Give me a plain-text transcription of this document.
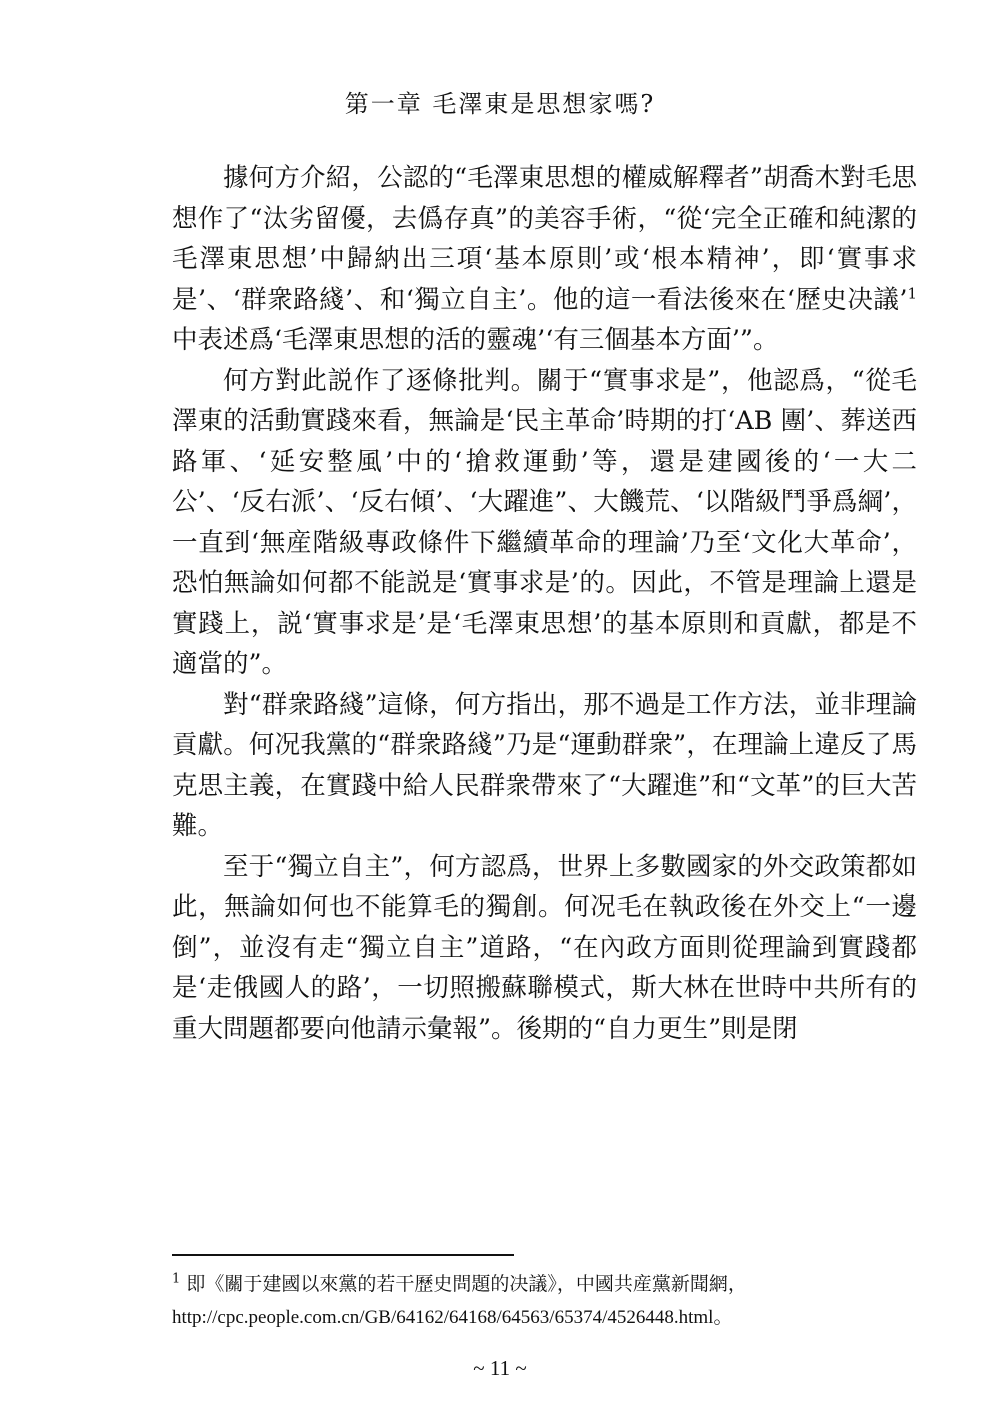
第一章 毛澤東是思想家嗎?

據何方介紹，公認的“毛澤東思想的權威解釋者”胡喬木對毛思想作了“汰劣留優，去僞存真”的美容手術，“從‘完全正確和純潔的毛澤東思想’中歸納出三項‘基本原則’或‘根本精神’，即‘實事求是’、‘群衆路綫’、和‘獨立自主’。他的這一看法後來在‘歷史决議’$^1$中表述爲‘毛澤東思想的活的靈魂’‘有三個基本方面’”。

何方對此説作了逐條批判。關于“實事求是”，他認爲，“從毛澤東的活動實踐來看，無論是‘民主革命’時期的打‘AB 團’、葬送西路軍、‘延安整風’中的‘搶救運動’等，還是建國後的‘一大二公’、‘反右派’、‘反右傾’、‘大躍進”、大饑荒、‘以階級鬥爭爲綱’，一直到‘無産階級專政條件下繼續革命的理論’乃至‘文化大革命’，恐怕無論如何都不能説是‘實事求是’的。因此，不管是理論上還是實踐上，説‘實事求是’是‘毛澤東思想’的基本原則和貢獻，都是不適當的”。

對“群衆路綫”這條，何方指出，那不過是工作方法，並非理論貢獻。何况我黨的“群衆路綫”乃是“運動群衆”，在理論上違反了馬克思主義，在實踐中給人民群衆帶來了“大躍進”和“文革”的巨大苦難。

至于“獨立自主”，何方認爲，世界上多數國家的外交政策都如此，無論如何也不能算毛的獨創。何况毛在執政後在外交上“一邊倒”，並沒有走“獨立自主”道路，“在內政方面則從理論到實踐都是‘走俄國人的路’，一切照搬蘇聯模式，斯大林在世時中共所有的重大問題都要向他請示彙報”。後期的“自力更生”則是閉

$^1$ 即《關于建國以來黨的若干歷史問題的决議》，中國共産黨新聞網，
http://cpc.people.com.cn/GB/64162/64168/64563/65374/4526448.html。
~ 11 ~
